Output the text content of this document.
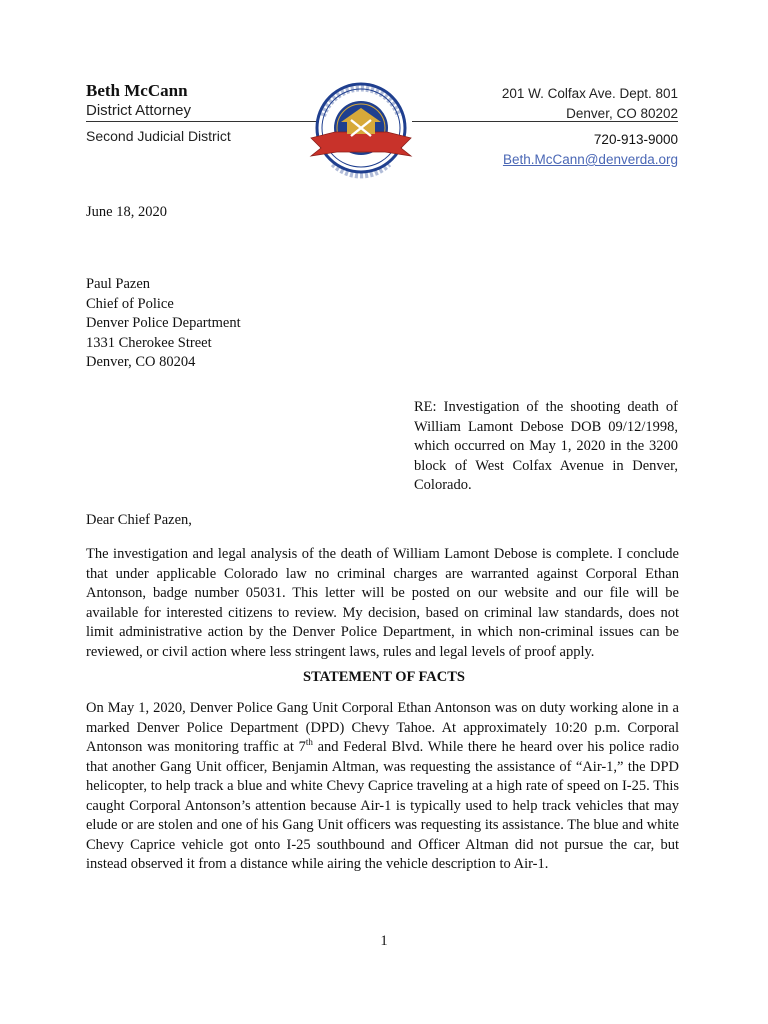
Beth McCann
District Attorney
Second Judicial District
201 W. Colfax Ave. Dept. 801
Denver, CO 80202
720-913-9000
Beth.McCann@denverda.org
June 18, 2020
Paul Pazen
Chief of Police
Denver Police Department
1331 Cherokee Street
Denver, CO 80204
RE: Investigation of the shooting death of William Lamont Debose DOB 09/12/1998, which occurred on May 1, 2020 in the 3200 block of West Colfax Avenue in Denver, Colorado.
Dear Chief Pazen,
The investigation and legal analysis of the death of William Lamont Debose is complete. I conclude that under applicable Colorado law no criminal charges are warranted against Corporal Ethan Antonson, badge number 05031. This letter will be posted on our website and our file will be available for interested citizens to review. My decision, based on criminal law standards, does not limit administrative action by the Denver Police Department, in which non-criminal issues can be reviewed, or civil action where less stringent laws, rules and legal levels of proof apply.
STATEMENT OF FACTS
On May 1, 2020, Denver Police Gang Unit Corporal Ethan Antonson was on duty working alone in a marked Denver Police Department (DPD) Chevy Tahoe. At approximately 10:20 p.m. Corporal Antonson was monitoring traffic at 7th and Federal Blvd. While there he heard over his police radio that another Gang Unit officer, Benjamin Altman, was requesting the assistance of “Air-1,” the DPD helicopter, to help track a blue and white Chevy Caprice traveling at a high rate of speed on I-25. This caught Corporal Antonson’s attention because Air-1 is typically used to help track vehicles that may elude or are stolen and one of his Gang Unit officers was requesting its assistance. The blue and white Chevy Caprice vehicle got onto I-25 southbound and Officer Altman did not pursue the car, but instead observed it from a distance while airing the vehicle description to Air-1.
1
